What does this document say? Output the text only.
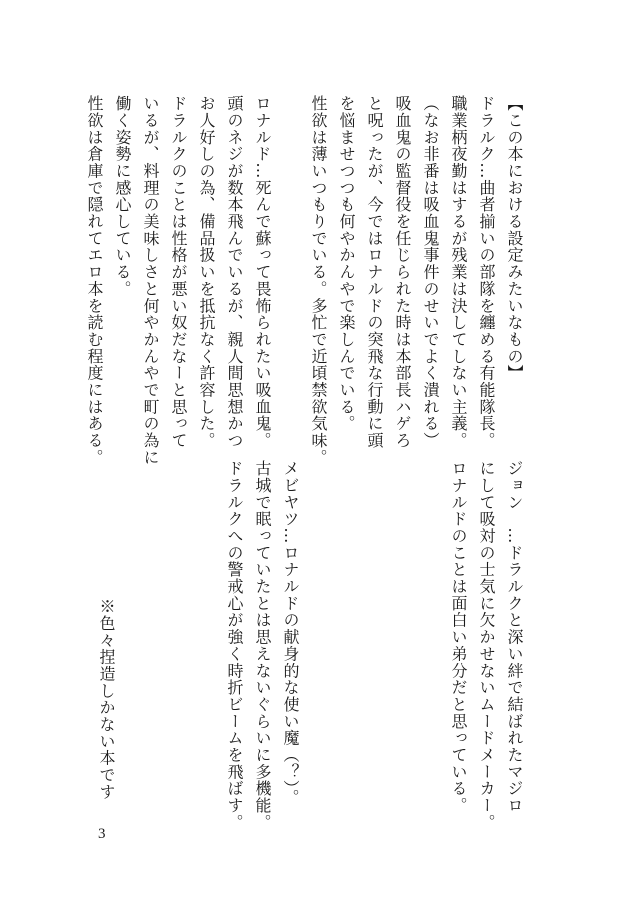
【この本における設定みたいなもの】

ドラルク…曲者揃いの部隊を纏める有能隊長。

職業柄夜勤はするが残業は決してしない主義。

（なお非番は吸血鬼事件のせいでよく潰れる）

吸血鬼の監督役を任じられた時は本部長ハゲろ

と呪ったが、今ではロナルドの突飛な行動に頭

を悩ませつつも何やかんやで楽しんでいる。

性欲は薄いつもりでいる。多忙で近頃禁欲気味。

ロナルド…死んで蘇って畏怖られたい吸血鬼。

頭のネジが数本飛んでいるが、親人間思想かつ

お人好しの為、備品扱いを抵抗なく許容した。

ドラルクのことは性格が悪い奴だなーと思って

いるが、料理の美味しさと何やかんやで町の為に

働く姿勢に感心している。

性欲は倉庫で隠れてエロ本を読む程度にはある。

ジョン　…ドラルクと深い絆で結ばれたマジロ

にして吸対の士気に欠かせないムードメーカー。

ロナルドのことは面白い弟分だと思っている。

メビヤツ…ロナルドの献身的な使い魔（？）。

古城で眠っていたとは思えないぐらいに多機能。

ドラルクへの警戒心が強く時折ビームを飛ばす。

※色々捏造しかない本です

3
